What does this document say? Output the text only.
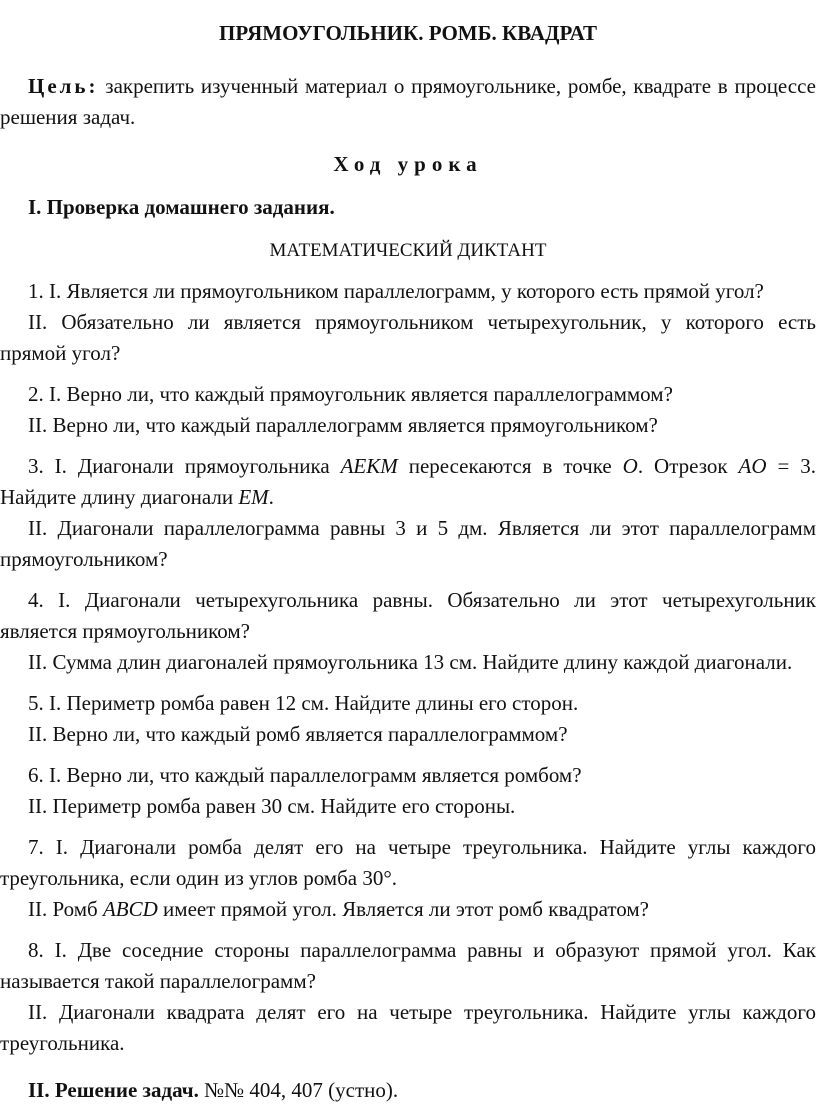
ПРЯМОУГОЛЬНИК. РОМБ. КВАДРАТ

Цель: закрепить изученный материал о прямоугольнике, ромбе, квадрате в процессе решения задач.

Ход урока
I. Проверка домашнего задания.
МАТЕМАТИЧЕСКИЙ ДИКТАНТ

1. I. Является ли прямоугольником параллелограмм, у которого есть прямой угол?

II. Обязательно ли является прямоугольником четырехугольник, у которого есть прямой угол?

2. I. Верно ли, что каждый прямоугольник является параллелограммом?

II. Верно ли, что каждый параллелограмм является прямоугольником?

3. I. Диагонали прямоугольника AEKM пересекаются в точке O. Отрезок AO = 3. Найдите длину диагонали EM.

II. Диагонали параллелограмма равны 3 и 5 дм. Является ли этот параллелограмм прямоугольником?

4. I. Диагонали четырехугольника равны. Обязательно ли этот четырехугольник является прямоугольником?

II. Сумма длин диагоналей прямоугольника 13 см. Найдите длину каждой диагонали.

5. I. Периметр ромба равен 12 см. Найдите длины его сторон.

II. Верно ли, что каждый ромб является параллелограммом?

6. I. Верно ли, что каждый параллелограмм является ромбом?

II. Периметр ромба равен 30 см. Найдите его стороны.

7. I. Диагонали ромба делят его на четыре треугольника. Найдите углы каждого треугольника, если один из углов ромба 30°.

II. Ромб ABCD имеет прямой угол. Является ли этот ромб квадратом?

8. I. Две соседние стороны параллелограмма равны и образуют прямой угол. Как называется такой параллелограмм?

II. Диагонали квадрата делят его на четыре треугольника. Найдите углы каждого треугольника.

II. Решение задач. №№ 404, 407 (устно).
